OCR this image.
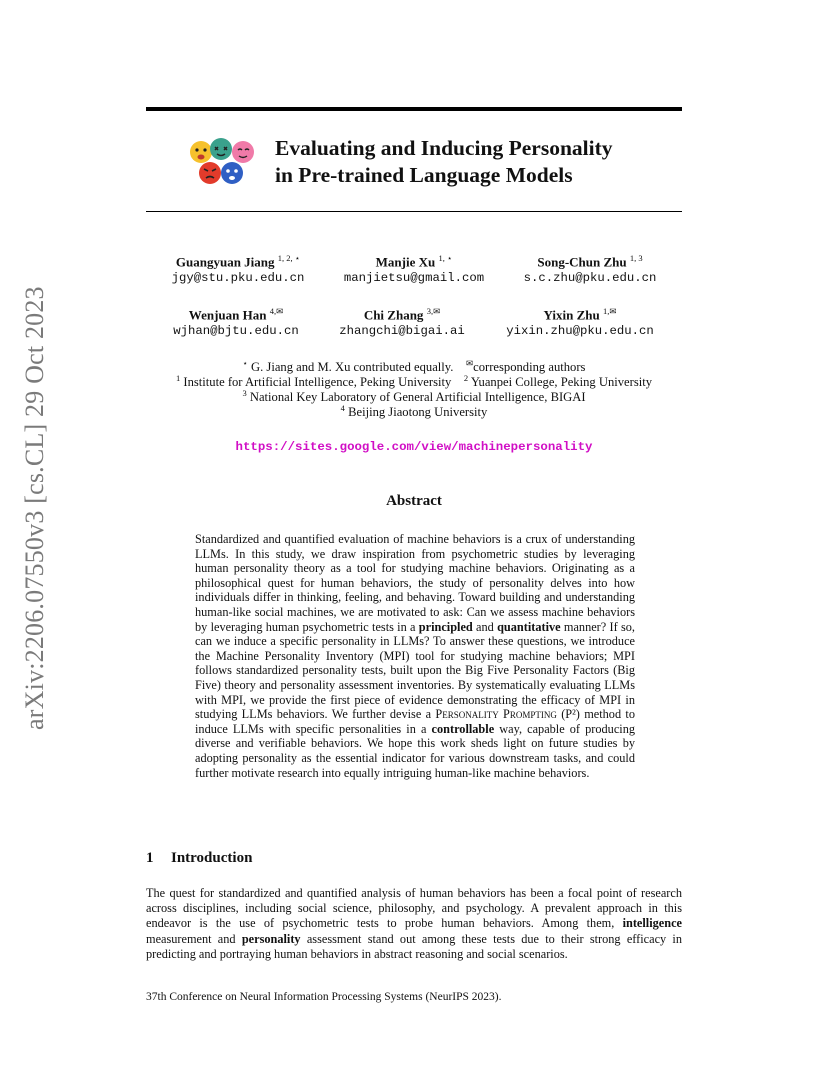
arXiv:2206.07550v3 [cs.CL] 29 Oct 2023
Evaluating and Inducing Personality
in Pre-trained Language Models
Guangyuan Jiang $^{1, 2, ⋆}$
jgy@stu.pku.edu.cn
Manjie Xu $^{1, ⋆}$
manjietsu@gmail.com
Song-Chun Zhu $^{1, 3}$
s.c.zhu@pku.edu.cn
Wenjuan Han $^{4,✉}$
wjhan@bjtu.edu.cn
Chi Zhang $^{3,✉}$
zhangchi@bigai.ai
Yixin Zhu $^{1,✉}$
yixin.zhu@pku.edu.cn
⋆ G. Jiang and M. Xu contributed equally. ✉corresponding authors
$^1$ Institute for Artificial Intelligence, Peking University $^2$ Yuanpei College, Peking University
$^3$ National Key Laboratory of General Artificial Intelligence, BIGAI
$^4$ Beijing Jiaotong University
https://sites.google.com/view/machinepersonality
Abstract
Standardized and quantified evaluation of machine behaviors is a crux of understanding LLMs. In this study, we draw inspiration from psychometric studies by leveraging human personality theory as a tool for studying machine behaviors. Originating as a philosophical quest for human behaviors, the study of personality delves into how individuals differ in thinking, feeling, and behaving. Toward building and understanding human-like social machines, we are motivated to ask: Can we assess machine behaviors by leveraging human psychometric tests in a principled and quantitative manner? If so, can we induce a specific personality in LLMs? To answer these questions, we introduce the Machine Personality Inventory (MPI) tool for studying machine behaviors; MPI follows standardized personality tests, built upon the Big Five Personality Factors (Big Five) theory and personality assessment inventories. By systematically evaluating LLMs with MPI, we provide the first piece of evidence demonstrating the efficacy of MPI in studying LLMs behaviors. We further devise a Personality Prompting (P²) method to induce LLMs with specific personalities in a controllable way, capable of producing diverse and verifiable behaviors. We hope this work sheds light on future studies by adopting personality as the essential indicator for various downstream tasks, and could further motivate research into equally intriguing human-like machine behaviors.
1 Introduction
The quest for standardized and quantified analysis of human behaviors has been a focal point of research across disciplines, including social science, philosophy, and psychology. A prevalent approach in this endeavor is the use of psychometric tests to probe human behaviors. Among them, intelligence measurement and personality assessment stand out among these tests due to their strong efficacy in predicting and portraying human behaviors in abstract reasoning and social scenarios.
37th Conference on Neural Information Processing Systems (NeurIPS 2023).
